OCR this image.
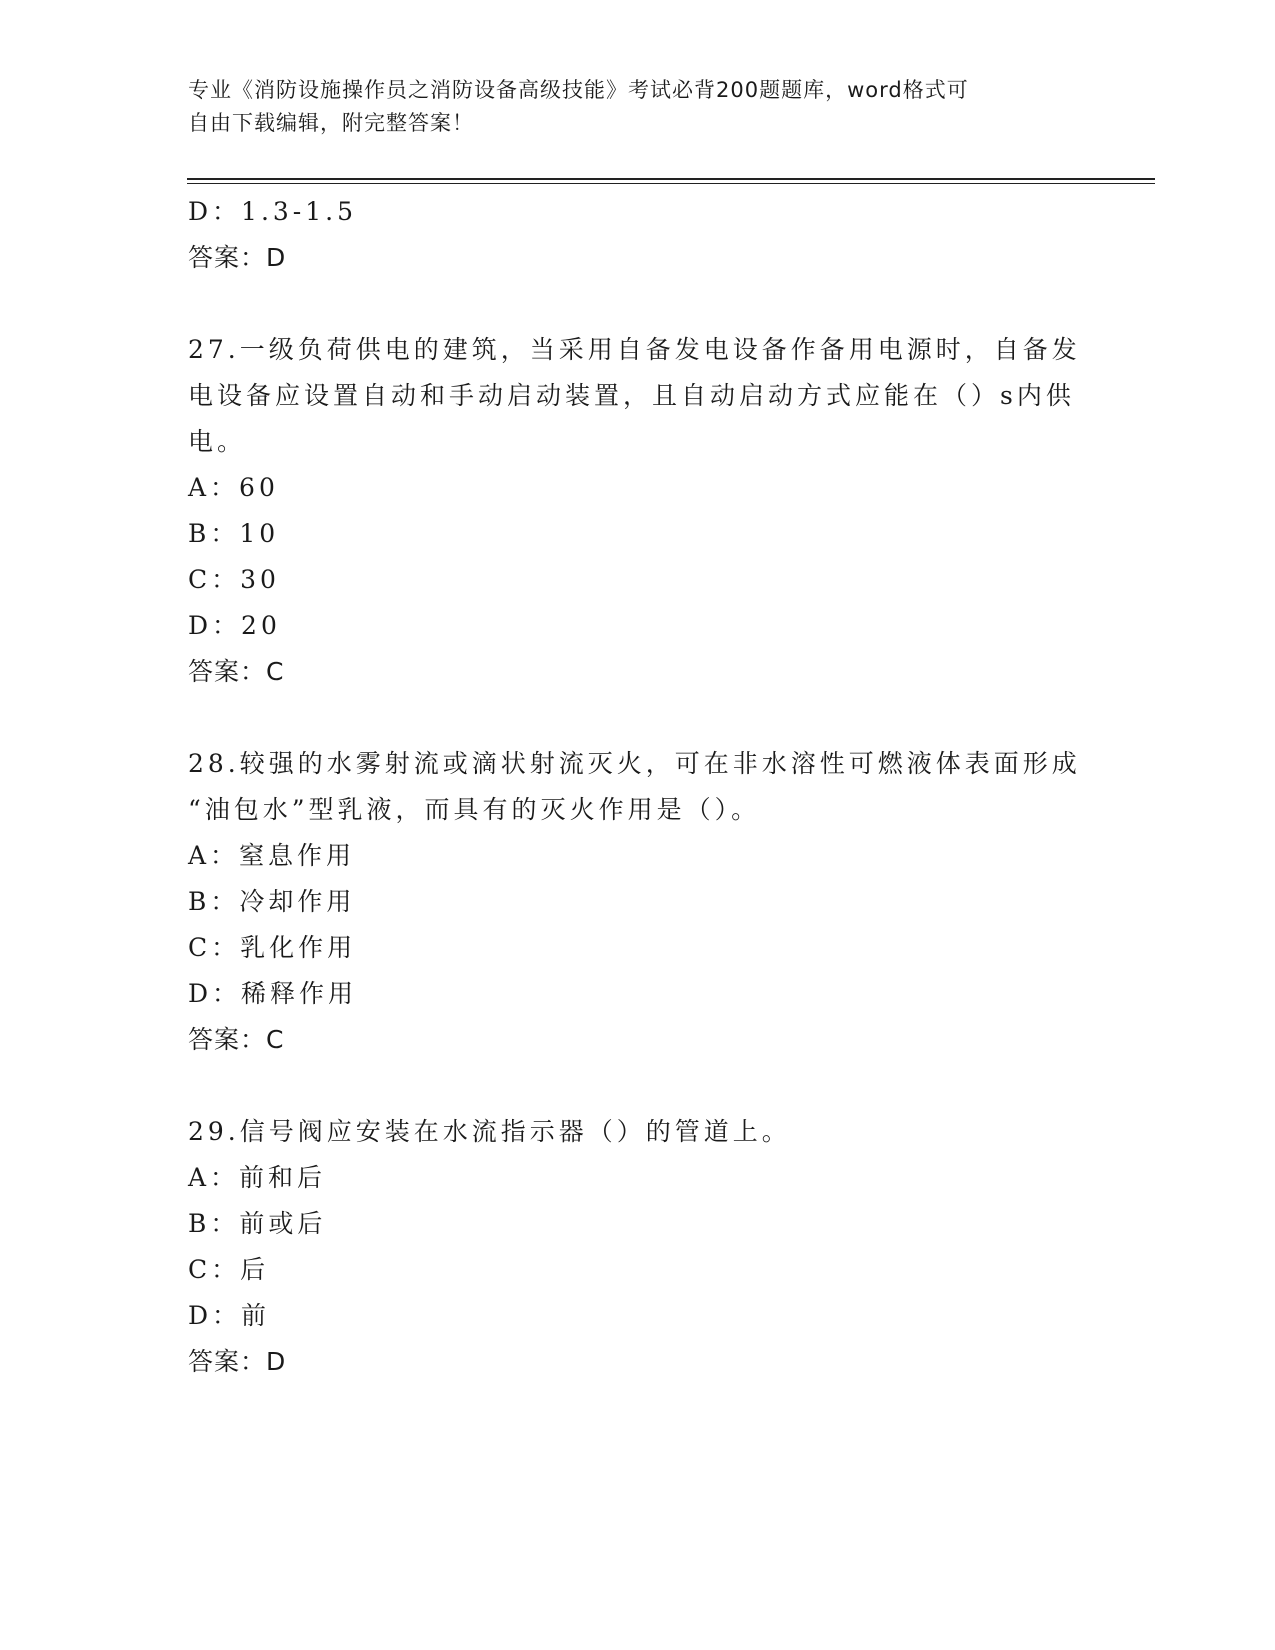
专业《消防设施操作员之消防设备高级技能》考试必背200题题库，word格式可
自由下载编辑，附完整答案！
D：1.3-1.5
答案：D
27.一级负荷供电的建筑，当采用自备发电设备作备用电源时，自备发
电设备应设置自动和手动启动装置，且自动启动方式应能在（）s内供
电。
A：60
B：10
C：30
D：20
答案：C
28.较强的水雾射流或滴状射流灭火，可在非水溶性可燃液体表面形成
“油包水”型乳液，而具有的灭火作用是（）。
A：窒息作用
B：冷却作用
C：乳化作用
D：稀释作用
答案：C
29.信号阀应安装在水流指示器（）的管道上。
A：前和后
B：前或后
C：后
D：前
答案：D
